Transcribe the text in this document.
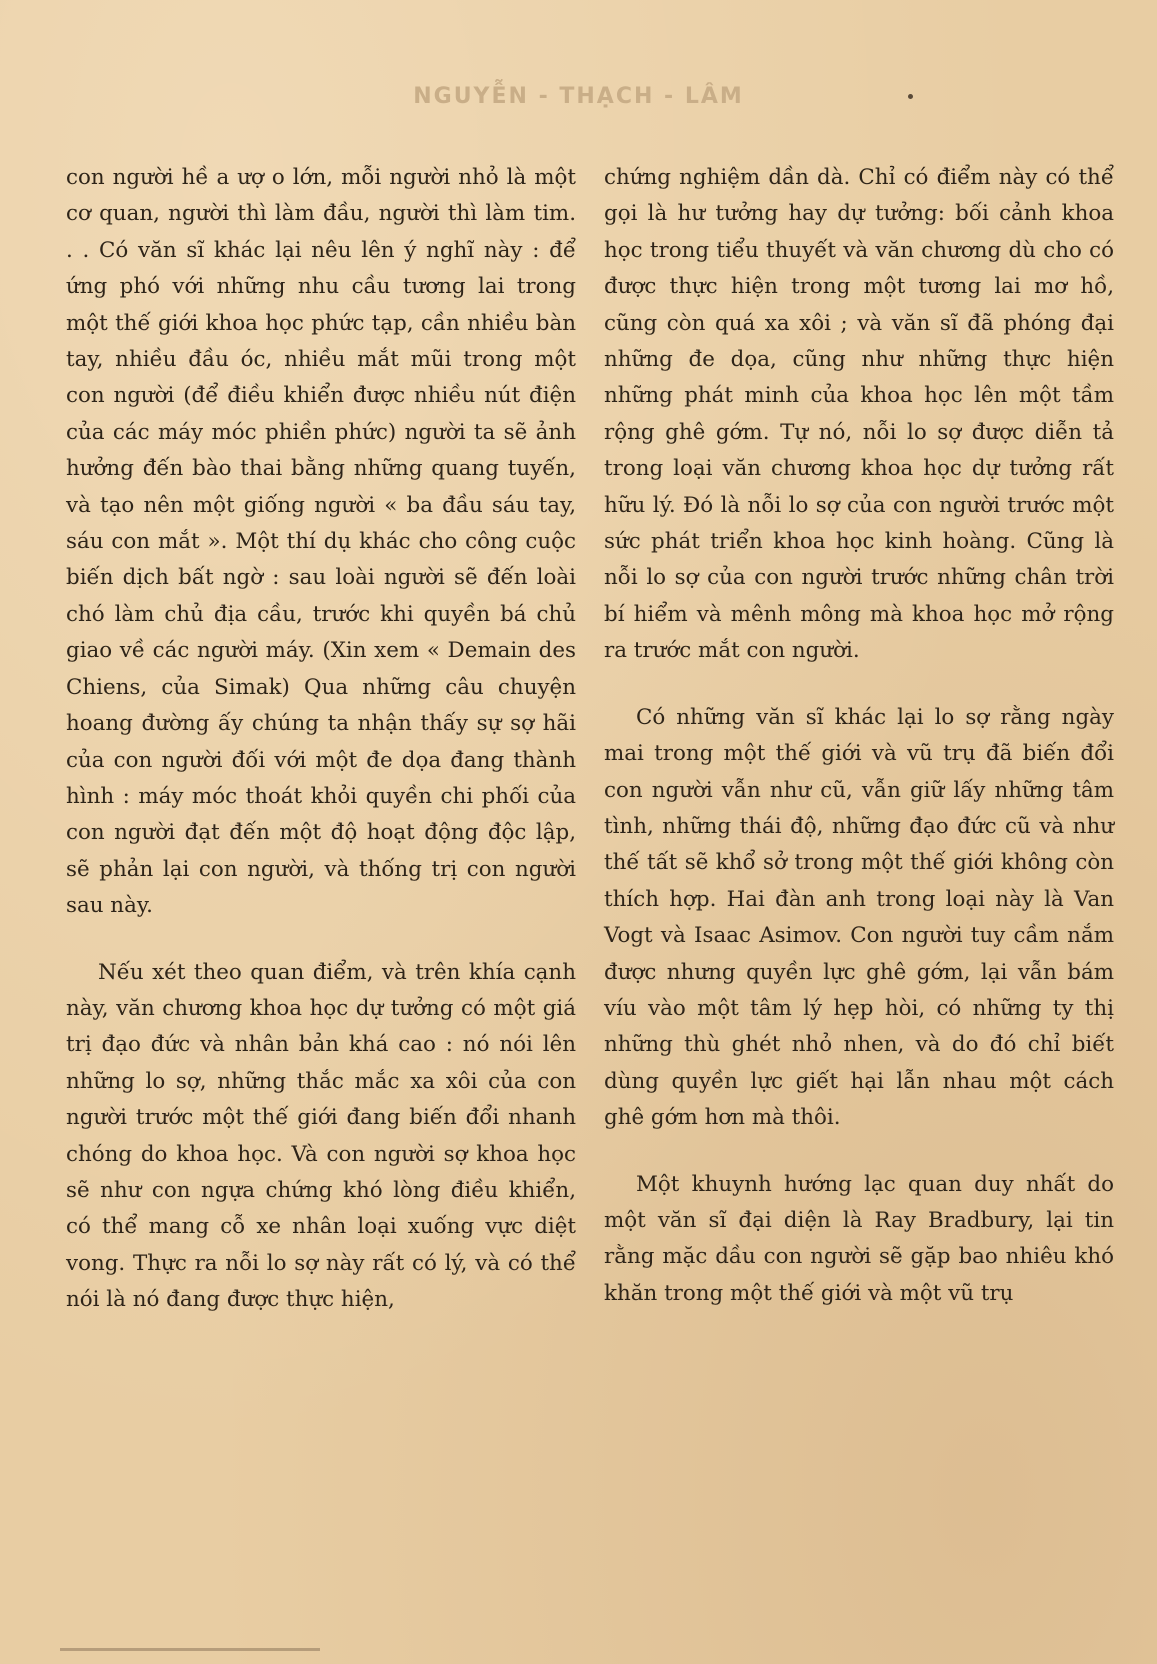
NGUYỄN - THẠCH - LÂM

con người hề a ượ o lớn, mỗi người nhỏ là một cơ quan, người thì làm đầu, người thì làm tim. . . Có văn sĩ khác lại nêu lên ý nghĩ này : để ứng phó với những nhu cầu tương lai trong một thế giới khoa học phức tạp, cần nhiều bàn tay, nhiều đầu óc, nhiều mắt mũi trong một con người (để điều khiển được nhiều nút điện của các máy móc phiền phức) người ta sẽ ảnh hưởng đến bào thai bằng những quang tuyến, và tạo nên một giống người « ba đầu sáu tay, sáu con mắt ». Một thí dụ khác cho công cuộc biến dịch bất ngờ : sau loài người sẽ đến loài chó làm chủ địa cầu, trước khi quyền bá chủ giao về các người máy. (Xin xem « Demain des Chiens, của Simak) Qua những câu chuyện hoang đường ấy chúng ta nhận thấy sự sợ hãi của con người đối với một đe dọa đang thành hình : máy móc thoát khỏi quyền chi phối của con người đạt đến một độ hoạt động độc lập, sẽ phản lại con người, và thống trị con người sau này.

Nếu xét theo quan điểm, và trên khía cạnh này, văn chương khoa học dự tưởng có một giá trị đạo đức và nhân bản khá cao : nó nói lên những lo sợ, những thắc mắc xa xôi của con người trước một thế giới đang biến đổi nhanh chóng do khoa học. Và con người sợ khoa học sẽ như con ngựa chứng khó lòng điều khiển, có thể mang cỗ xe nhân loại xuống vực diệt vong. Thực ra nỗi lo sợ này rất có lý, và có thể nói là nó đang được thực hiện,

chứng nghiệm dần dà. Chỉ có điểm này có thể gọi là hư tưởng hay dự tưởng: bối cảnh khoa học trong tiểu thuyết và văn chương dù cho có được thực hiện trong một tương lai mơ hồ, cũng còn quá xa xôi ; và văn sĩ đã phóng đại những đe dọa, cũng như những thực hiện những phát minh của khoa học lên một tầm rộng ghê gớm. Tự nó, nỗi lo sợ được diễn tả trong loại văn chương khoa học dự tưởng rất hữu lý. Đó là nỗi lo sợ của con người trước một sức phát triển khoa học kinh hoàng. Cũng là nỗi lo sợ của con người trước những chân trời bí hiểm và mênh mông mà khoa học mở rộng ra trước mắt con người.

Có những văn sĩ khác lại lo sợ rằng ngày mai trong một thế giới và vũ trụ đã biến đổi con người vẫn như cũ, vẫn giữ lấy những tâm tình, những thái độ, những đạo đức cũ và như thế tất sẽ khổ sở trong một thế giới không còn thích hợp. Hai đàn anh trong loại này là Van Vogt và Isaac Asimov. Con người tuy cầm nắm được nhưng quyền lực ghê gớm, lại vẫn bám víu vào một tâm lý hẹp hòi, có những ty thị những thù ghét nhỏ nhen, và do đó chỉ biết dùng quyền lực giết hại lẫn nhau một cách ghê gớm hơn mà thôi.

Một khuynh hướng lạc quan duy nhất do một văn sĩ đại diện là Ray Bradbury, lại tin rằng mặc dầu con người sẽ gặp bao nhiêu khó khăn trong một thế giới và một vũ trụ
